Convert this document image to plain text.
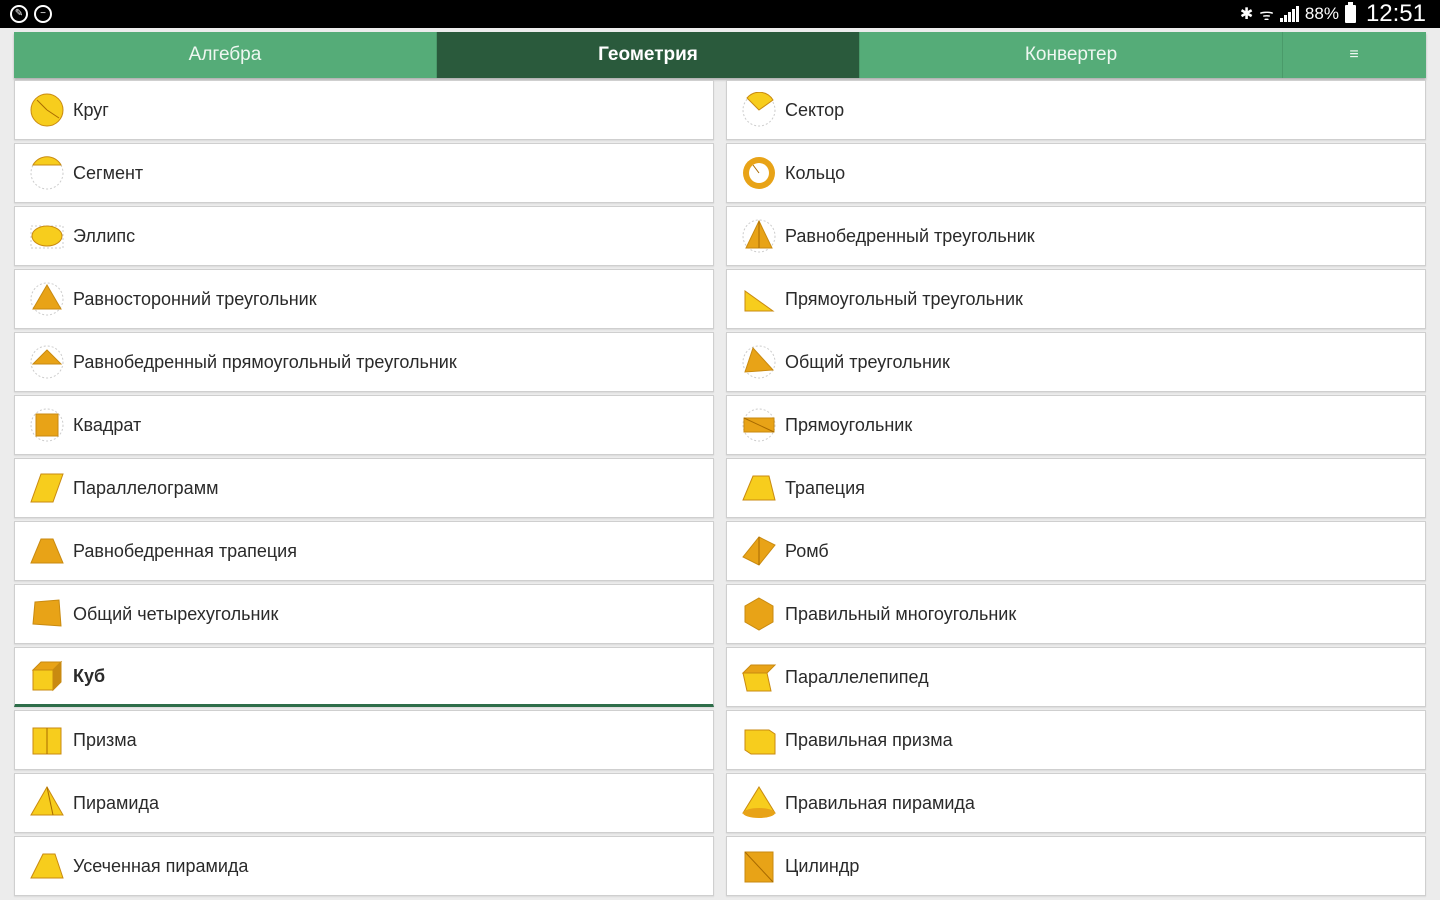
✎	−	✱ ᯤ 88% 12:51
Алгебра	Геометрия	Конвертер	≡
Круг	Сектор
Сегмент	Кольцо
Эллипс	Равнобедренный треугольник
Равносторонний треугольник	Прямоугольный треугольник
Равнобедренный прямоугольный треугольник	Общий треугольник
Квадрат	Прямоугольник
Параллелограмм	Трапеция
Равнобедренная трапеция	Ромб
Общий четырехугольник	Правильный многоугольник
Куб	Параллелепипед
Призма	Правильная призма
Пирамида	Правильная пирамида
Усеченная пирамида	Цилиндр
